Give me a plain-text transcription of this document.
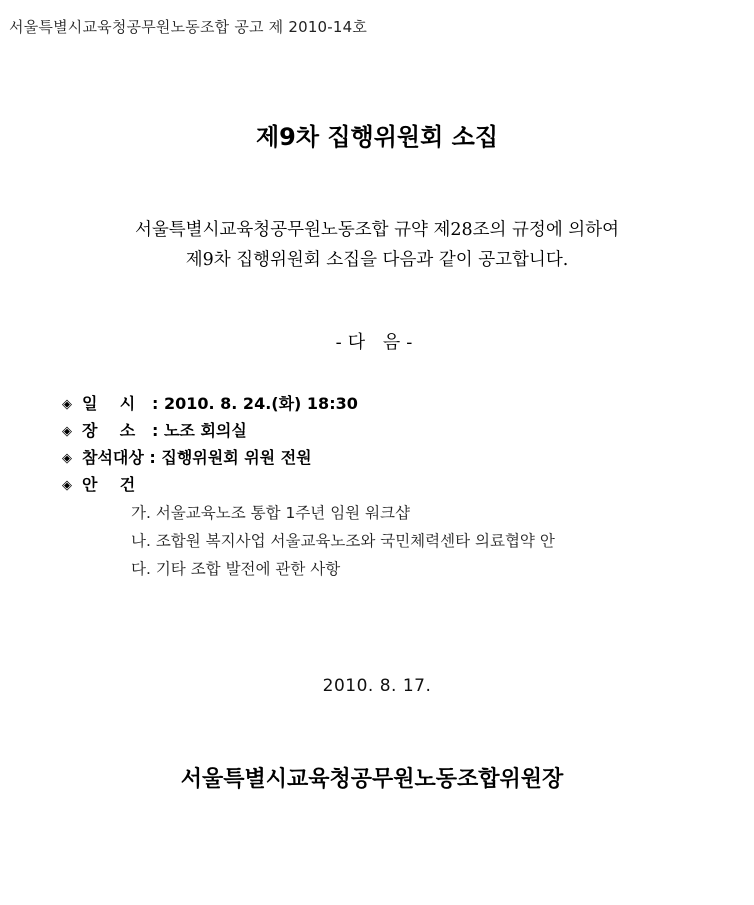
서울특별시교육청공무원노동조합 공고 제 2010-14호
제9차 집행위원회 소집
서울특별시교육청공무원노동조합 규약 제28조의 규정에 의하여
제9차 집행위원회 소집을 다음과 같이 공고합니다.
-다 음-
◈ 일    시 : 2010. 8. 24.(화) 18:30
◈ 장    소 : 노조 회의실
◈ 참석대상 : 집행위원회 위원 전원
◈ 안    건
가. 서울교육노조 통합 1주년 임원 워크샵
나. 조합원 복지사업 서울교육노조와 국민체력센타 의료협약 안
다. 기타 조합 발전에 관한 사항
2010. 8. 17.
서울특별시교육청공무원노동조합위원장
